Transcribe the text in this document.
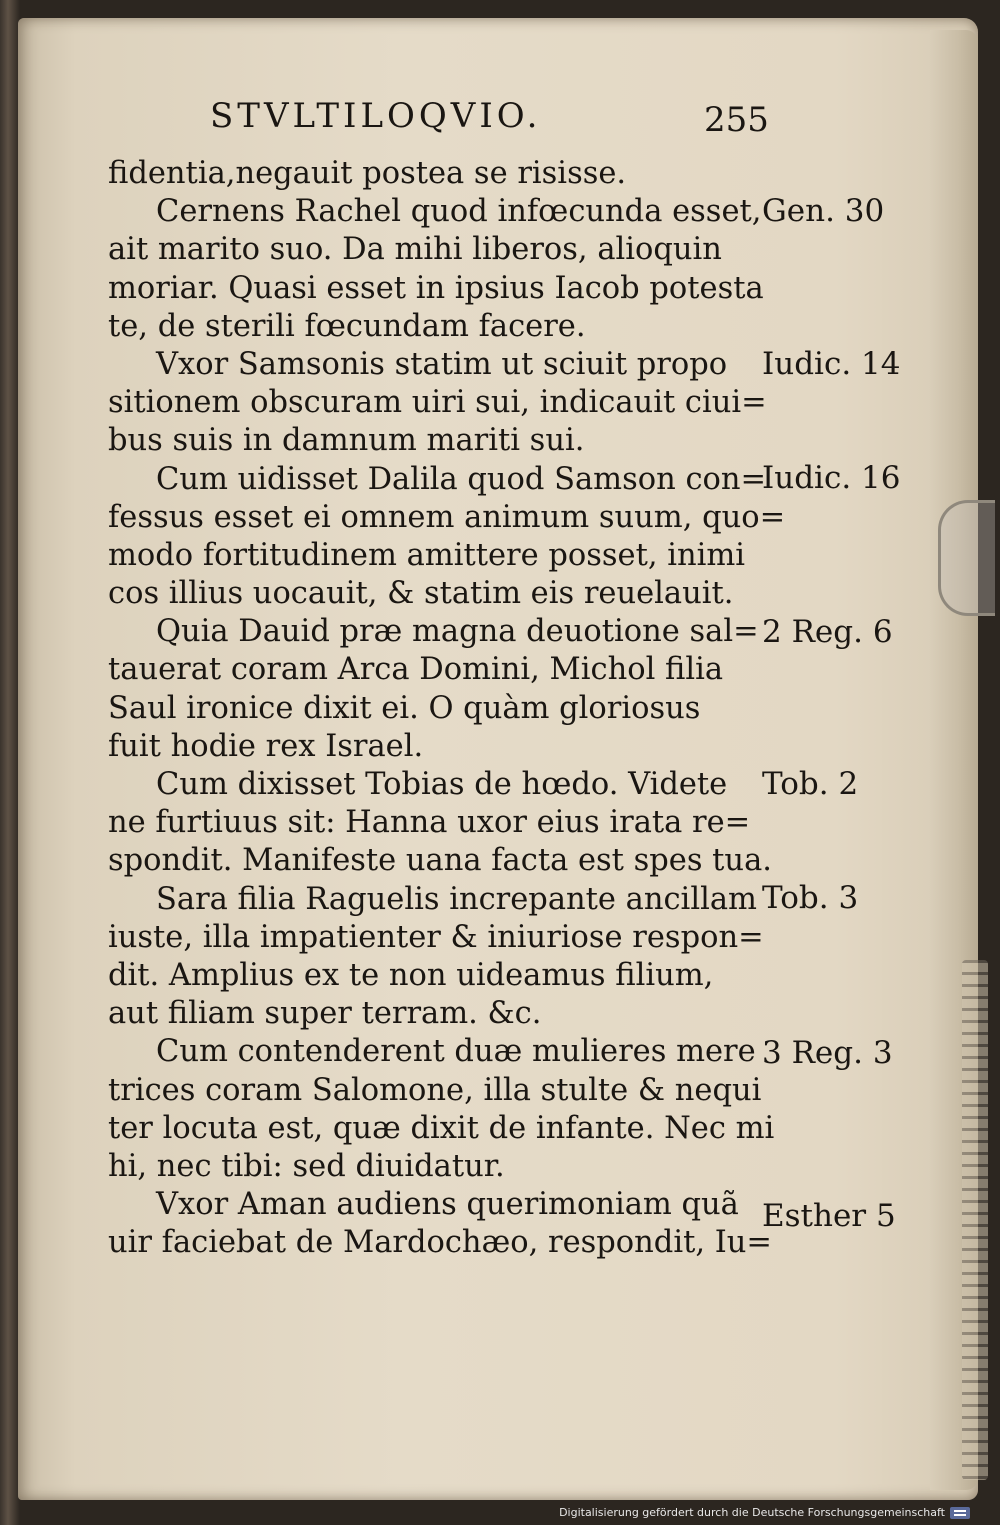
STVLTILOQVIO.	255
fidentia,negauit postea se risisse.
Cernens Rachel quod infœcunda esset,
ait marito suo. Da mihi liberos, alioquin
moriar. Quasi esset in ipsius Iacob potesta
te, de sterili fœcundam facere.
Vxor Samsonis statim ut sciuit propo
sitionem obscuram uiri sui, indicauit ciui=
bus suis in damnum mariti sui.
Cum uidisset Dalila quod Samson con=
fessus esset ei omnem animum suum, quo=
modo fortitudinem amittere posset, inimi
cos illius uocauit, & statim eis reuelauit.
Quia Dauid præ magna deuotione sal=
tauerat coram Arca Domini, Michol filia
Saul ironice dixit ei. O quàm gloriosus
fuit hodie rex Israel.
Cum dixisset Tobias de hœdo. Videte
ne furtiuus sit: Hanna uxor eius irata re=
spondit. Manifeste uana facta est spes tua.
Sara filia Raguelis increpante ancillam
iuste, illa impatienter & iniuriose respon=
dit. Amplius ex te non uideamus filium,
aut filiam super terram. &c.
Cum contenderent duæ mulieres mere
trices coram Salomone, illa stulte & nequi
ter locuta est, quæ dixit de infante. Nec mi
hi, nec tibi: sed diuidatur.
Vxor Aman audiens querimoniam quã
uir faciebat de Mardochæo, respondit, Iu=
Gen. 30
Iudic. 14
Iudic. 16
2 Reg. 6
Tob. 2
Tob. 3
3 Reg. 3
Esther 5
Digitalisierung gefördert durch die Deutsche Forschungsgemeinschaft
